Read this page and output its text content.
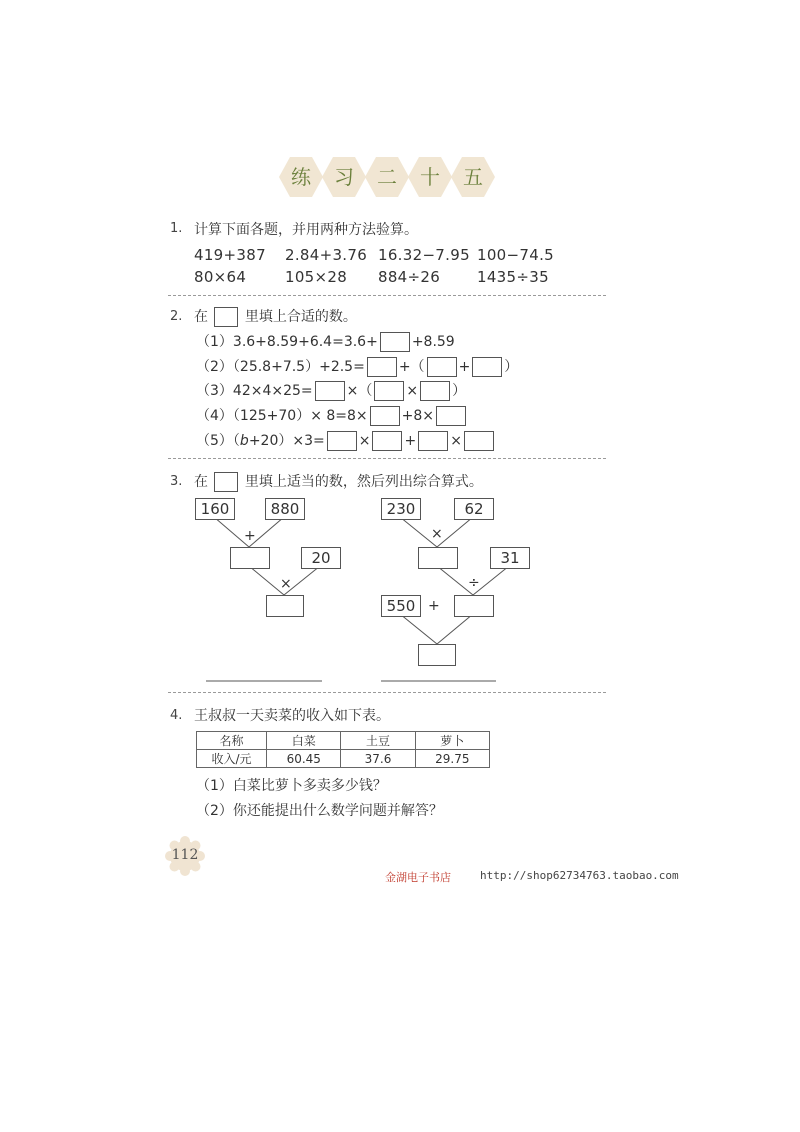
练	习	二	十	五
1. 计算下面各题，并用两种方法验算。
419+387 2.84+3.76 16.32−7.95 100−74.5
80×64	105×28 884÷26 1435÷35
2. 在	里填上合适的数。
（1）3.6+8.59+6.4=3.6+ +8.59
（2）（25.8+7.5）+2.5= +（ + ）
（3）42×4×25= ×（ × ）
（4）（125+70）× 8=8× +8×
（5）（b+20）×3= × + ×
3. 在	里填上适当的数，然后列出综合算式。
160	880
+
20
×
230	62
×
31
÷
550 +
4. 王叔叔一天卖菜的收入如下表。
名称	白菜	土豆	萝卜
收入/元	60.45	37.6	29.75
（1）白菜比萝卜多卖多少钱？
（2）你还能提出什么数学问题并解答？
112
金湖电子书店	http://shop62734763.taobao.com
